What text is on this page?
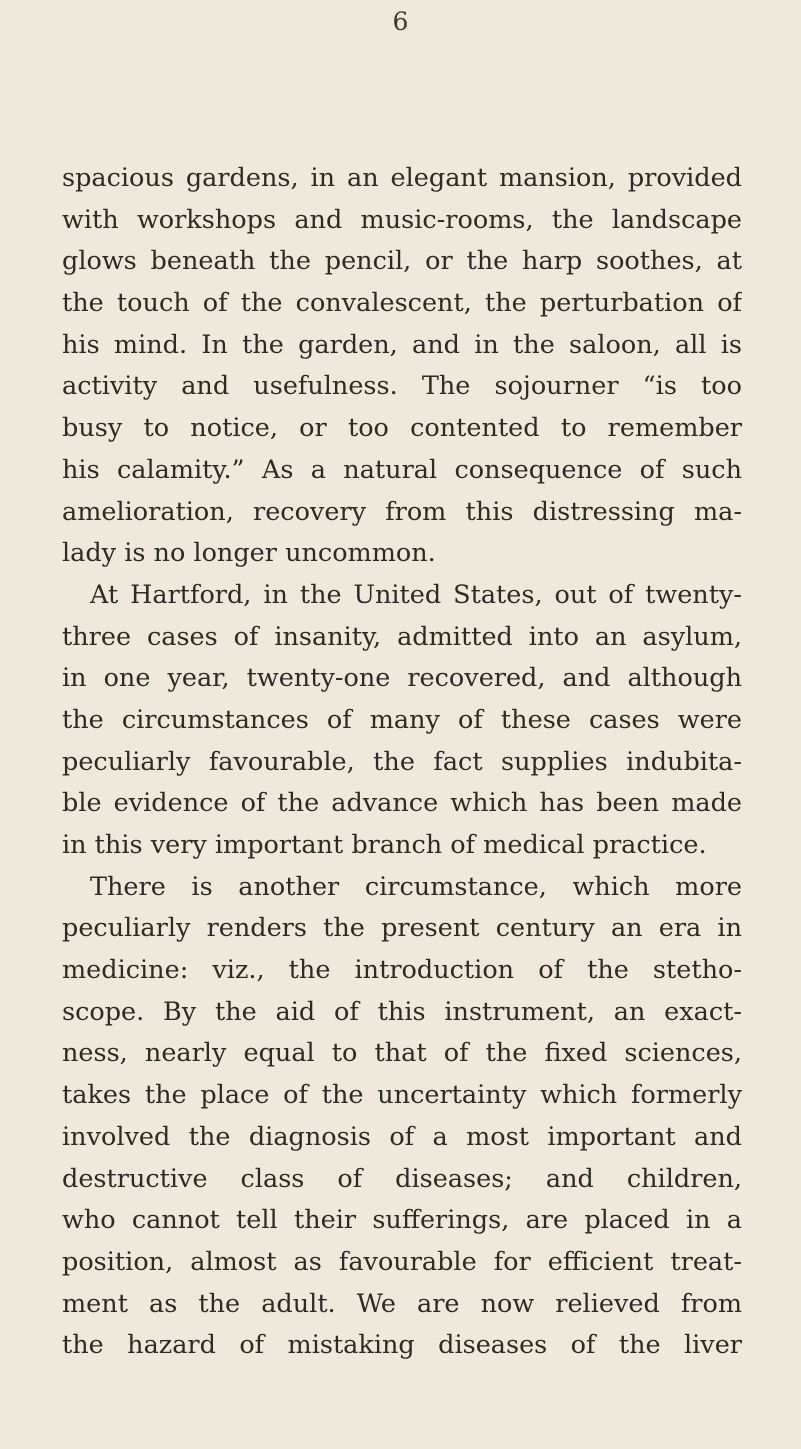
6
spacious gardens, in an elegant mansion, provided
with workshops and music-rooms, the landscape
glows beneath the pencil, or the harp soothes, at
the touch of the convalescent, the perturbation of
his mind. In the garden, and in the saloon, all is
activity and usefulness. The sojourner “is too
busy to notice, or too contented to remember
his calamity.” As a natural consequence of such
amelioration, recovery from this distressing ma-
lady is no longer uncommon.
At Hartford, in the United States, out of twenty-
three cases of insanity, admitted into an asylum,
in one year, twenty-one recovered, and although
the circumstances of many of these cases were
peculiarly favourable, the fact supplies indubita-
ble evidence of the advance which has been made
in this very important branch of medical practice.
There is another circumstance, which more
peculiarly renders the present century an era in
medicine: viz., the introduction of the stetho-
scope. By the aid of this instrument, an exact-
ness, nearly equal to that of the fixed sciences,
takes the place of the uncertainty which formerly
involved the diagnosis of a most important and
destructive class of diseases; and children,
who cannot tell their sufferings, are placed in a
position, almost as favourable for efficient treat-
ment as the adult. We are now relieved from
the hazard of mistaking diseases of the liver
